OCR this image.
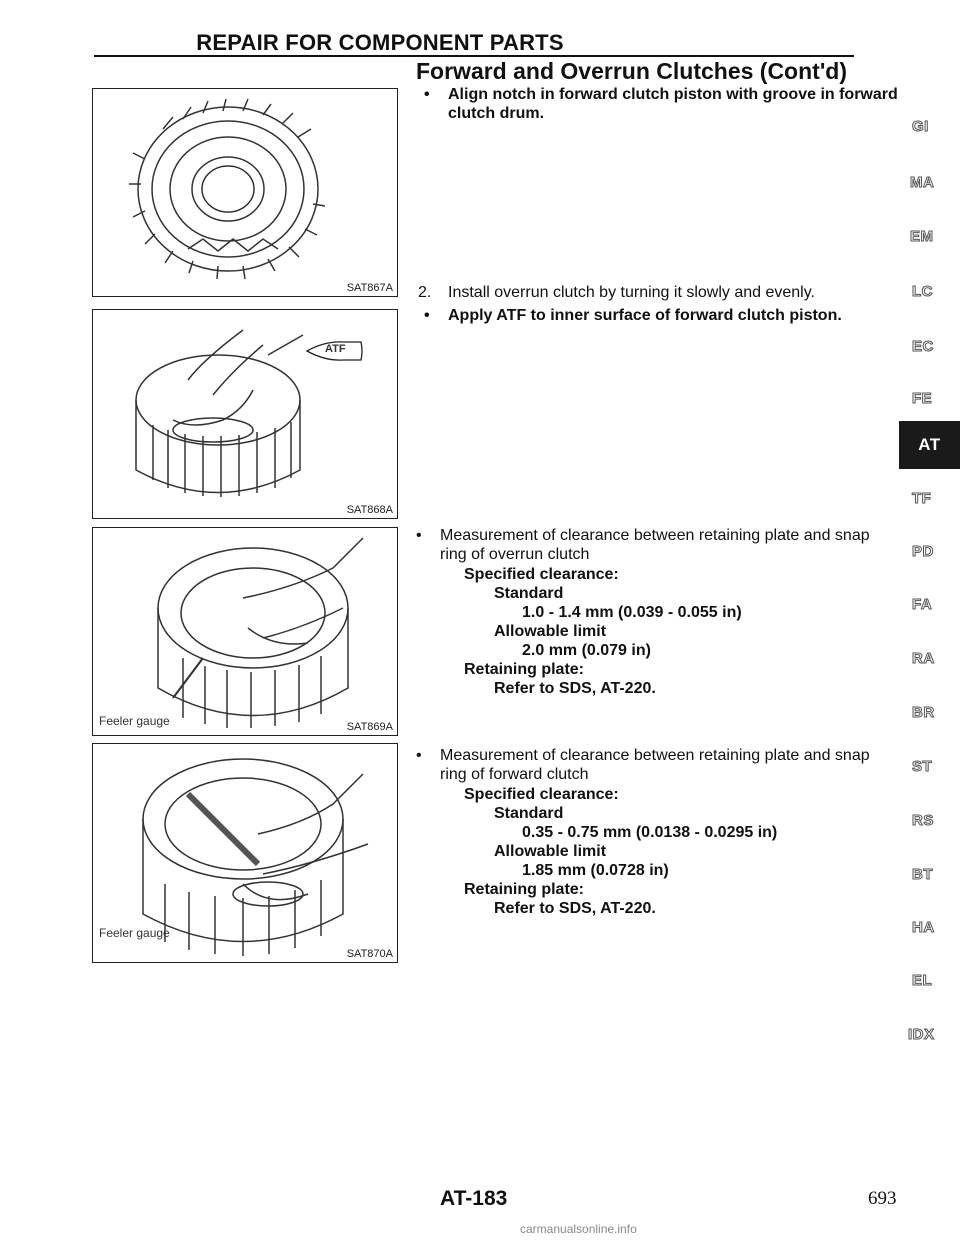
REPAIR FOR COMPONENT PARTS
Forward and Overrun Clutches (Cont'd)
SAT867A
ATF
SAT868A
Feeler gauge	SAT869A
Feeler gauge
SAT870A
• Align notch in forward clutch piston with groove in forward clutch drum.
2. Install overrun clutch by turning it slowly and evenly.
• Apply ATF to inner surface of forward clutch piston.
• Measurement of clearance between retaining plate and snap ring of overrun clutch
Specified clearance:
Standard
1.0 - 1.4 mm (0.039 - 0.055 in)
Allowable limit
2.0 mm (0.079 in)
Retaining plate:
Refer to SDS, AT-220.
• Measurement of clearance between retaining plate and snap ring of forward clutch
Specified clearance:
Standard
0.35 - 0.75 mm (0.0138 - 0.0295 in)
Allowable limit
1.85 mm (0.0728 in)
Retaining plate:
Refer to SDS, AT-220.
GI
MA
EM
LC
EC
FE
AT
TF
PD
FA
RA
BR
ST
RS
BT
HA
EL
IDX
AT-183	693
carmanualsonline.info
